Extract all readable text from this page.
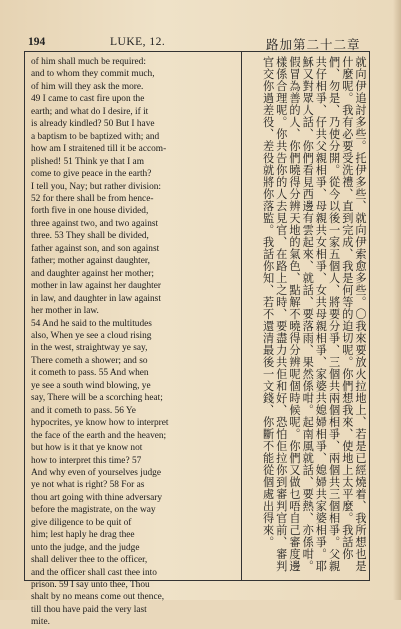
194	LUKE, 12.	路加第二十二章

of him shall much be required:

and to whom they commit much,

of him will they ask the more.

49 I came to cast fire upon the

earth; and what do I desire, if it

is already kindled? 50 But I have

a baptism to be baptized with; and

how am I straitened till it be accom-

plished! 51 Think ye that I am

come to give peace in the earth?

I tell you, Nay; but rather division:

52 for there shall be from hence-

forth five in one house divided,

three against two, and two against

three. 53 They shall be divided,

father against son, and son against

father; mother against daughter,

and daughter against her mother;

mother in law against her daughter

in law, and daughter in law against

her mother in law.

54 And he said to the multitudes

also, When ye see a cloud rising

in the west, straightway ye say,

There cometh a shower; and so

it cometh to pass. 55 And when

ye see a south wind blowing, ye

say, There will be a scorching heat;

and it cometh to pass. 56 Ye

hypocrites, ye know how to interpret

the face of the earth and the heaven;

but how is it that ye know not

how to interpret this time? 57

And why even of yourselves judge

ye not what is right? 58 For as

thou art going with thine adversary

before the magistrate, on the way

give diligence to be quit of

him; lest haply he drag thee

unto the judge, and the judge

shall deliver thee to the officer,

and the officer shall cast thee into

prison. 59 I say unto thee, Thou

shalt by no means come out thence,

till thou have paid the very last

mite.

就向伊追討多些。托伊多些、就向伊索愈多些。〇我來要放火拉地上、若是已經燒着、我所想也是什麼呢。我有必要受洗禮、直到完成、我是何等的迫切呢。你們想我來、使地上太平麼。我話你們、勿是、乃使分開。從今以後一家五個人、將要分爭、三個共兩個相爭、兩個共三個相爭。父親共仔相爭、仔共父親相爭、母親共女相爭、女共母親相爭、家婆共媳婦相爭、媳婦共家婆相爭。耶穌又對眾人話、你們看見西邊有雲起來、就話、要落雨、果然係咁。起南風就話、要熱、亦係咁。假冒為善的人、你們曉得分辨天地的氣色、點解不曉得分辨呢個時候呢。你們又做乜唔自己審度邊樣係合理呢。你共告你的人去見官、在路上之時、要盡力共佢和好、恐怕佢拉你到審判官前、審判官交你過差役、差役就將你落監。我話你知、若不還清最後一文錢、你斷不能從個處出得來。
